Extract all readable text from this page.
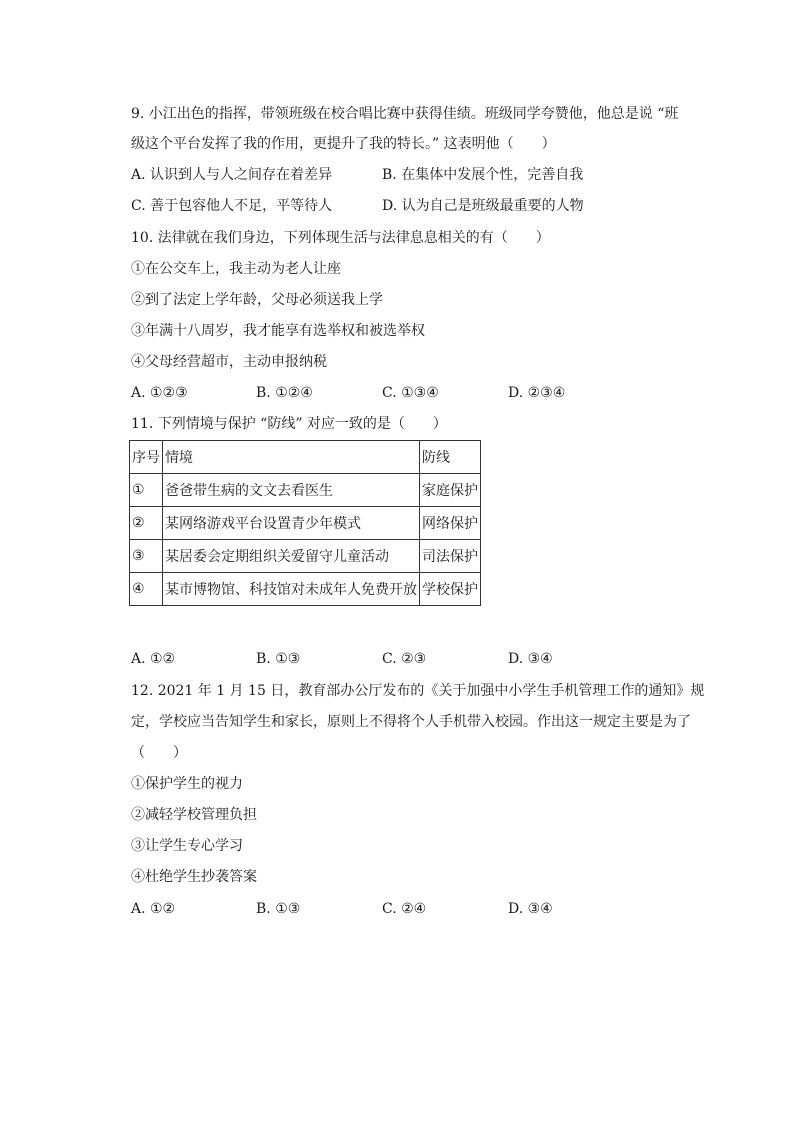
9. 小江出色的指挥，带领班级在校合唱比赛中获得佳绩。班级同学夸赞他，他总是说 “班
级这个平台发挥了我的作用，更提升了我的特长。” 这表明他（　　）
A. 认识到人与人之间存在着差异	B. 在集体中发展个性，完善自我
C. 善于包容他人不足，平等待人	D. 认为自己是班级最重要的人物
10. 法律就在我们身边，下列体现生活与法律息息相关的有（　　）
①在公交车上，我主动为老人让座
②到了法定上学年龄，父母必须送我上学
③年满十八周岁，我才能享有选举权和被选举权
④父母经营超市，主动申报纳税
A. ①②③	B. ①②④	C. ①③④	D. ②③④
11. 下列情境与保护 “防线” 对应一致的是（　　）
序号	情境	防线
①	爸爸带生病的文文去看医生	家庭保护
②	某网络游戏平台设置青少年模式	网络保护
③	某居委会定期组织关爱留守儿童活动	司法保护
④	某市博物馆、科技馆对未成年人免费开放	学校保护
A. ①②	B. ①③	C. ②③	D. ③④
12. 2021 年 1 月 15 日，教育部办公厅发布的《关于加强中小学生手机管理工作的通知》规
定，学校应当告知学生和家长，原则上不得将个人手机带入校园。作出这一规定主要是为了
（　　）
①保护学生的视力
②减轻学校管理负担
③让学生专心学习
④杜绝学生抄袭答案
A. ①②	B. ①③	C. ②④	D. ③④
